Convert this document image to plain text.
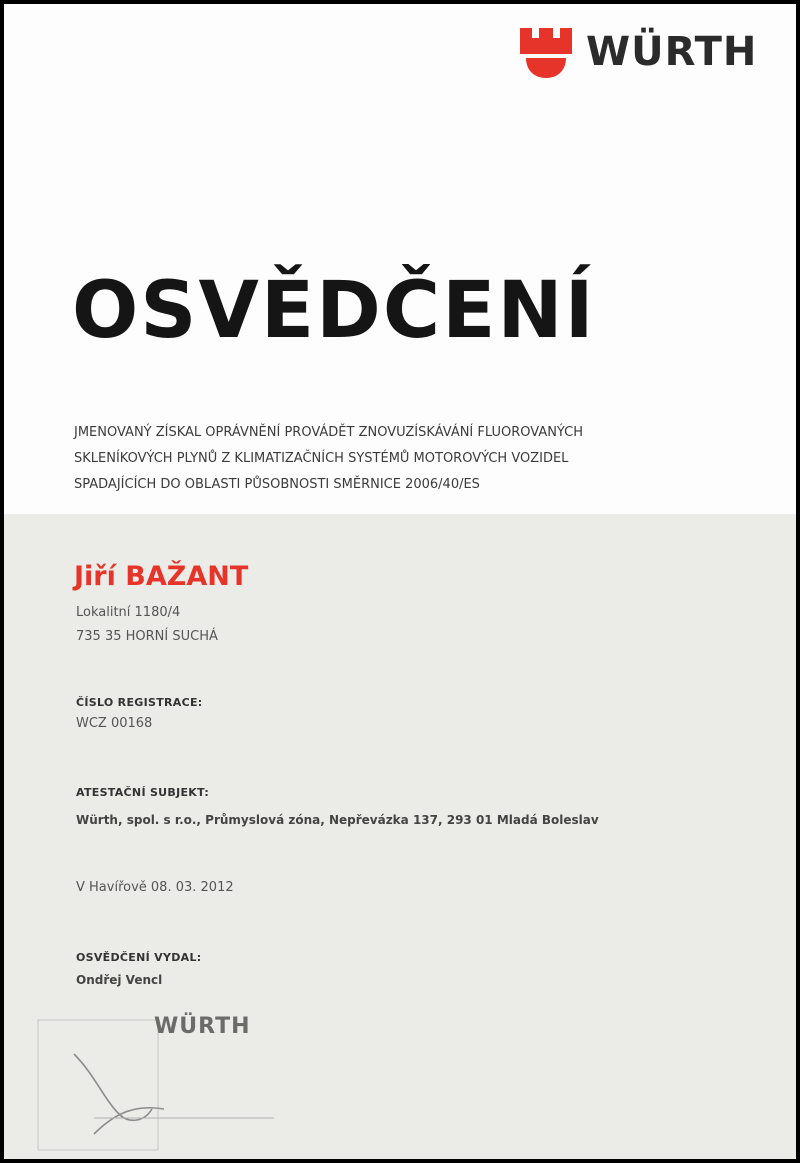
WÜRTH
OSVĚDČENÍ
JMENOVANÝ ZÍSKAL OPRÁVNĚNÍ PROVÁDĚT ZNOVUZÍSKÁVÁNÍ FLUOROVANÝCH
SKLENÍKOVÝCH PLYNŮ Z KLIMATIZAČNÍCH SYSTÉMŮ MOTOROVÝCH VOZIDEL
SPADAJÍCÍCH DO OBLASTI PŮSOBNOSTI SMĚRNICE 2006/40/ES
Jiří BAŽANT
Lokalitní 1180/4
735 35 HORNÍ SUCHÁ
ČÍSLO REGISTRACE:
WCZ 00168
ATESTAČNÍ SUBJEKT:
Würth, spol. s r.o., Průmyslová zóna, Nepřevázka 137, 293 01 Mladá Boleslav
V Havířově 08. 03. 2012
OSVĚDČENÍ VYDAL:
Ondřej Vencl
WÜRTH
